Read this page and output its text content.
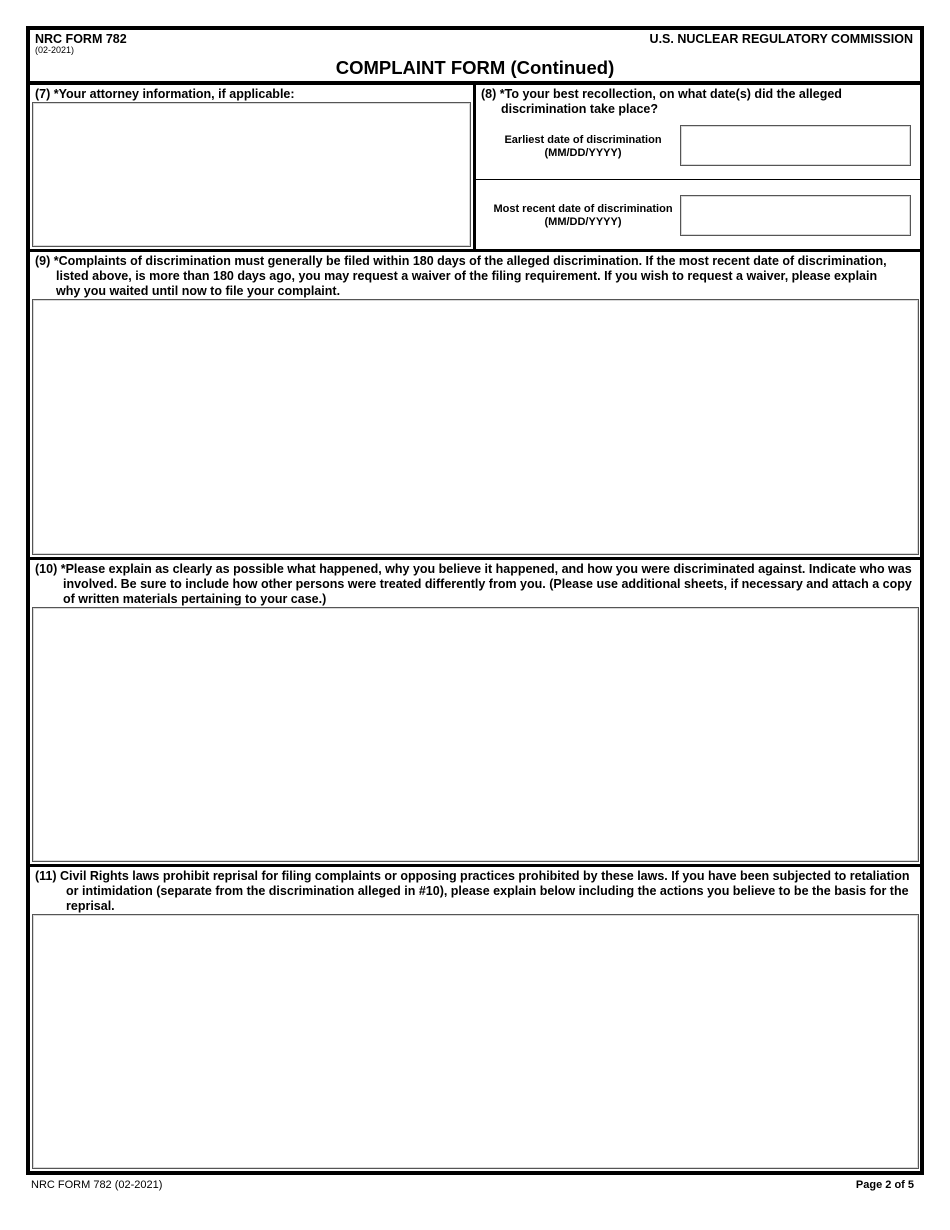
NRC FORM 782
(02-2021)
U.S. NUCLEAR REGULATORY COMMISSION
COMPLAINT FORM (Continued)
(7) *Your attorney information, if applicable:	(8) *To your best recollection, on what date(s) did the alleged
discrimination take place?
Earliest date of discrimination
(MM/DD/YYYY)
Most recent date of discrimination
(MM/DD/YYYY)
(9) *Complaints of discrimination must generally be filed within 180 days of the alleged discrimination. If the most recent date of discrimination,
listed above, is more than 180 days ago, you may request a waiver of the filing requirement. If you wish to request a waiver, please explain
why you waited until now to file your complaint.
(10) *Please explain as clearly as possible what happened, why you believe it happened, and how you were discriminated against. Indicate who was
involved. Be sure to include how other persons were treated differently from you. (Please use additional sheets, if necessary and attach a copy
of written materials pertaining to your case.)
(11) Civil Rights laws prohibit reprisal for filing complaints or opposing practices prohibited by these laws. If you have been subjected to retaliation
or intimidation (separate from the discrimination alleged in #10), please explain below including the actions you believe to be the basis for the
reprisal.
NRC FORM 782 (02-2021)	Page 2 of 5
